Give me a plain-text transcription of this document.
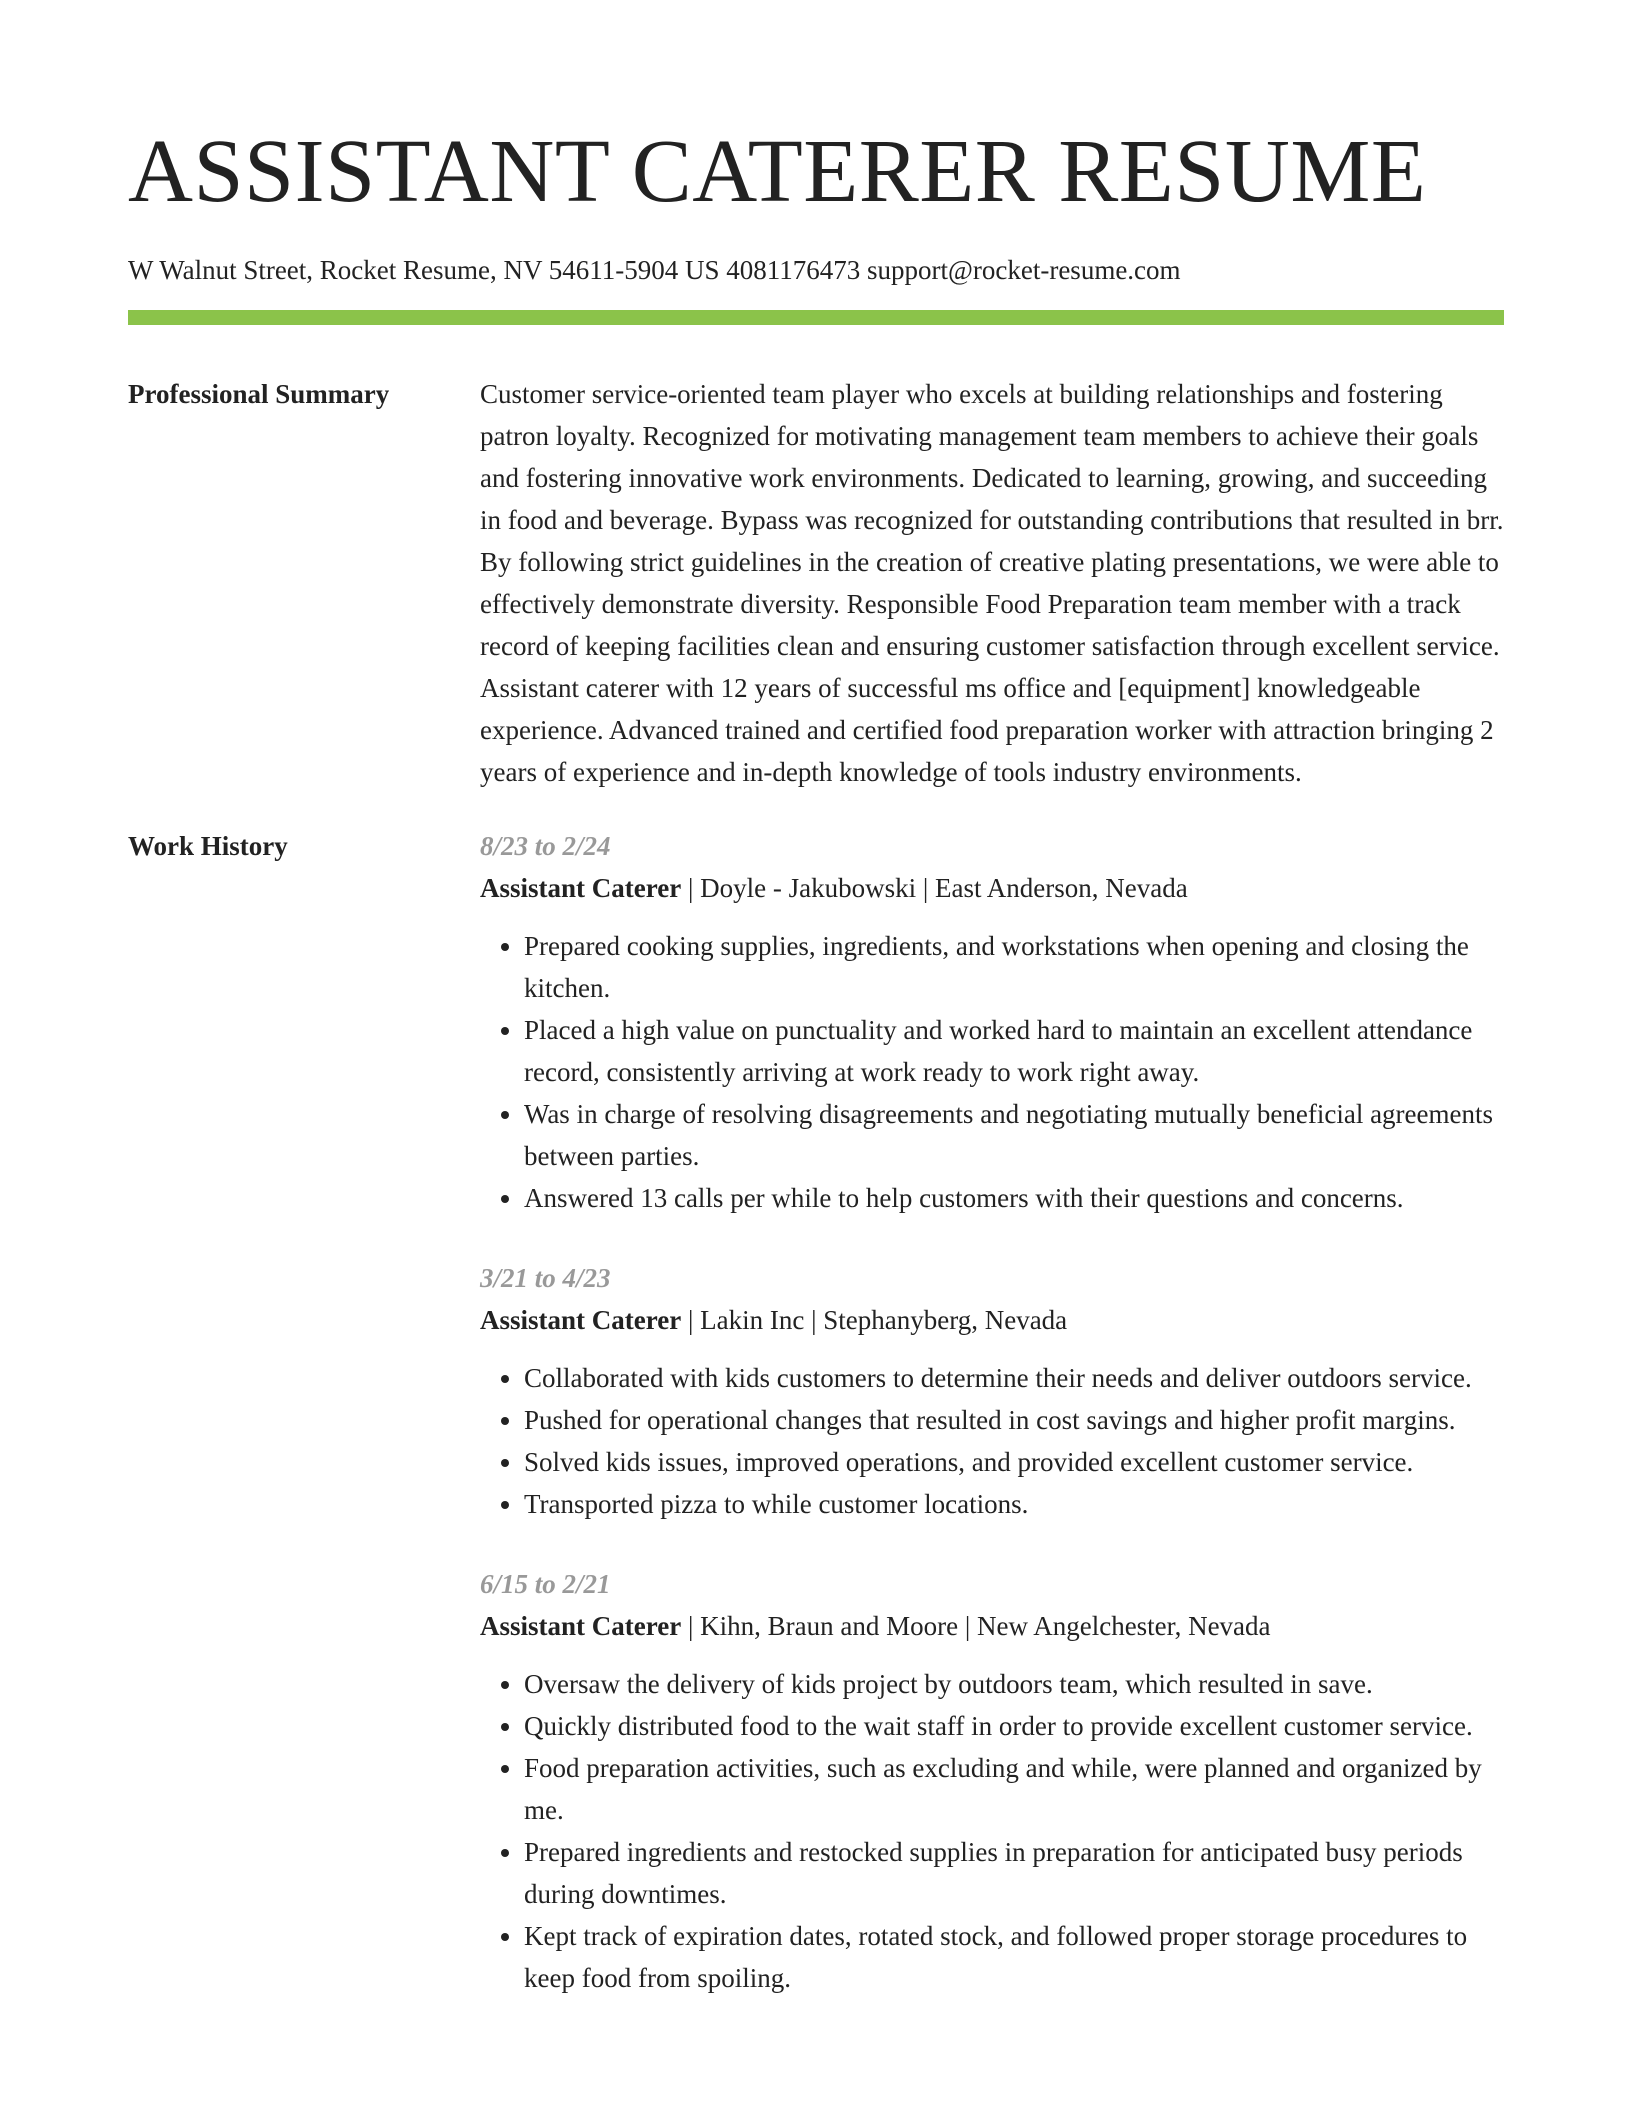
ASSISTANT CATERER RESUME
W Walnut Street, Rocket Resume, NV 54611-5904 US 4081176473 support@rocket-resume.com
Professional Summary	Customer service-oriented team player who excels at building relationships and fostering patron loyalty. Recognized for motivating management team members to achieve their goals and fostering innovative work environments. Dedicated to learning, growing, and succeeding in food and beverage. Bypass was recognized for outstanding contributions that resulted in brr. By following strict guidelines in the creation of creative plating presentations, we were able to effectively demonstrate diversity. Responsible Food Preparation team member with a track record of keeping facilities clean and ensuring customer satisfaction through excellent service. Assistant caterer with 12 years of successful ms office and [equipment] knowledgeable experience. Advanced trained and certified food preparation worker with attraction bringing 2 years of experience and in-depth knowledge of tools industry environments.

Work History	8/23 to 2/24
Assistant Caterer | Doyle - Jakubowski | East Anderson, Nevada
• Prepared cooking supplies, ingredients, and workstations when opening and closing the kitchen.
• Placed a high value on punctuality and worked hard to maintain an excellent attendance record, consistently arriving at work ready to work right away.
• Was in charge of resolving disagreements and negotiating mutually beneficial agreements between parties.
• Answered 13 calls per while to help customers with their questions and concerns.
3/21 to 4/23
Assistant Caterer | Lakin Inc | Stephanyberg, Nevada
• Collaborated with kids customers to determine their needs and deliver outdoors service.
• Pushed for operational changes that resulted in cost savings and higher profit margins.
• Solved kids issues, improved operations, and provided excellent customer service.
• Transported pizza to while customer locations.
6/15 to 2/21
Assistant Caterer | Kihn, Braun and Moore | New Angelchester, Nevada
• Oversaw the delivery of kids project by outdoors team, which resulted in save.
• Quickly distributed food to the wait staff in order to provide excellent customer service.
• Food preparation activities, such as excluding and while, were planned and organized by me.
• Prepared ingredients and restocked supplies in preparation for anticipated busy periods during downtimes.
• Kept track of expiration dates, rotated stock, and followed proper storage procedures to keep food from spoiling.
